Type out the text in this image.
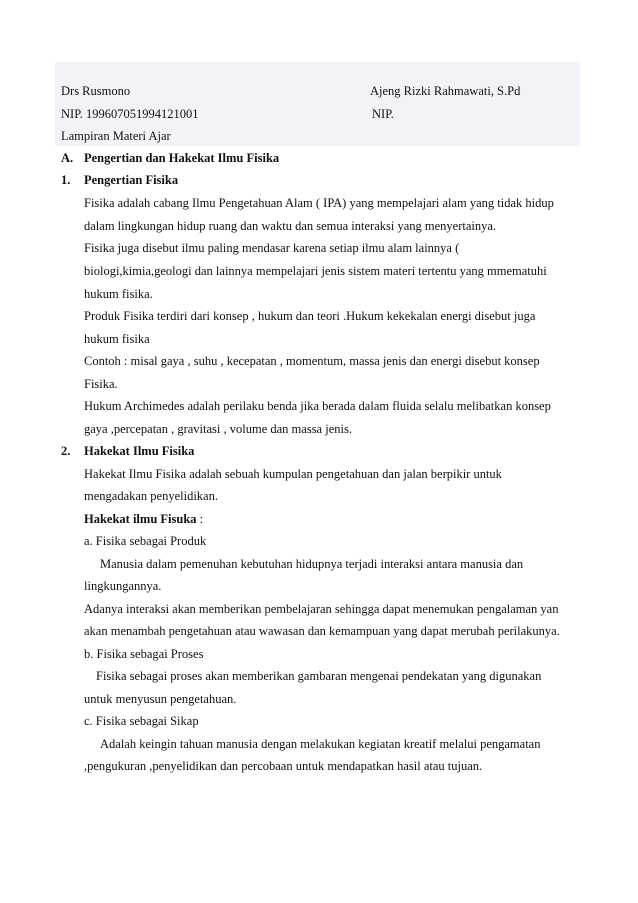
Drs Rusmono	Ajeng Rizki Rahmawati, S.Pd
NIP. 199607051994121001	NIP.
Lampiran Materi Ajar
A. Pengertian dan Hakekat Ilmu Fisika
1. Pengertian Fisika
Fisika adalah cabang Ilmu Pengetahuan Alam ( IPA) yang mempelajari alam yang tidak hidup
dalam lingkungan hidup ruang dan waktu dan semua interaksi yang menyertainya.
Fisika juga disebut ilmu paling mendasar karena setiap ilmu alam lainnya (
biologi,kimia,geologi dan lainnya mempelajari jenis sistem materi tertentu yang mmematuhi
hukum fisika.
Produk Fisika terdiri dari konsep , hukum dan teori .Hukum kekekalan energi disebut juga
hukum fisika
Contoh : misal gaya , suhu , kecepatan , momentum, massa jenis dan energi disebut konsep
Fisika.
Hukum Archimedes adalah perilaku benda jika berada dalam fluida selalu melibatkan konsep
gaya ,percepatan , gravitasi , volume dan massa jenis.
2. Hakekat Ilmu Fisika
Hakekat Ilmu Fisika adalah sebuah kumpulan pengetahuan dan jalan berpikir untuk
mengadakan penyelidikan.
Hakekat ilmu Fisuka :
a. Fisika sebagai Produk
Manusia dalam pemenuhan kebutuhan hidupnya terjadi interaksi antara manusia dan
lingkungannya.
Adanya interaksi akan memberikan pembelajaran sehingga dapat menemukan pengalaman yan
akan menambah pengetahuan atau wawasan dan kemampuan yang dapat merubah perilakunya.
b. Fisika sebagai Proses
Fisika sebagai proses akan memberikan gambaran mengenai pendekatan yang digunakan
untuk menyusun pengetahuan.
c. Fisika sebagai Sikap
Adalah keingin tahuan manusia dengan melakukan kegiatan kreatif melalui pengamatan
,pengukuran ,penyelidikan dan percobaan untuk mendapatkan hasil atau tujuan.
